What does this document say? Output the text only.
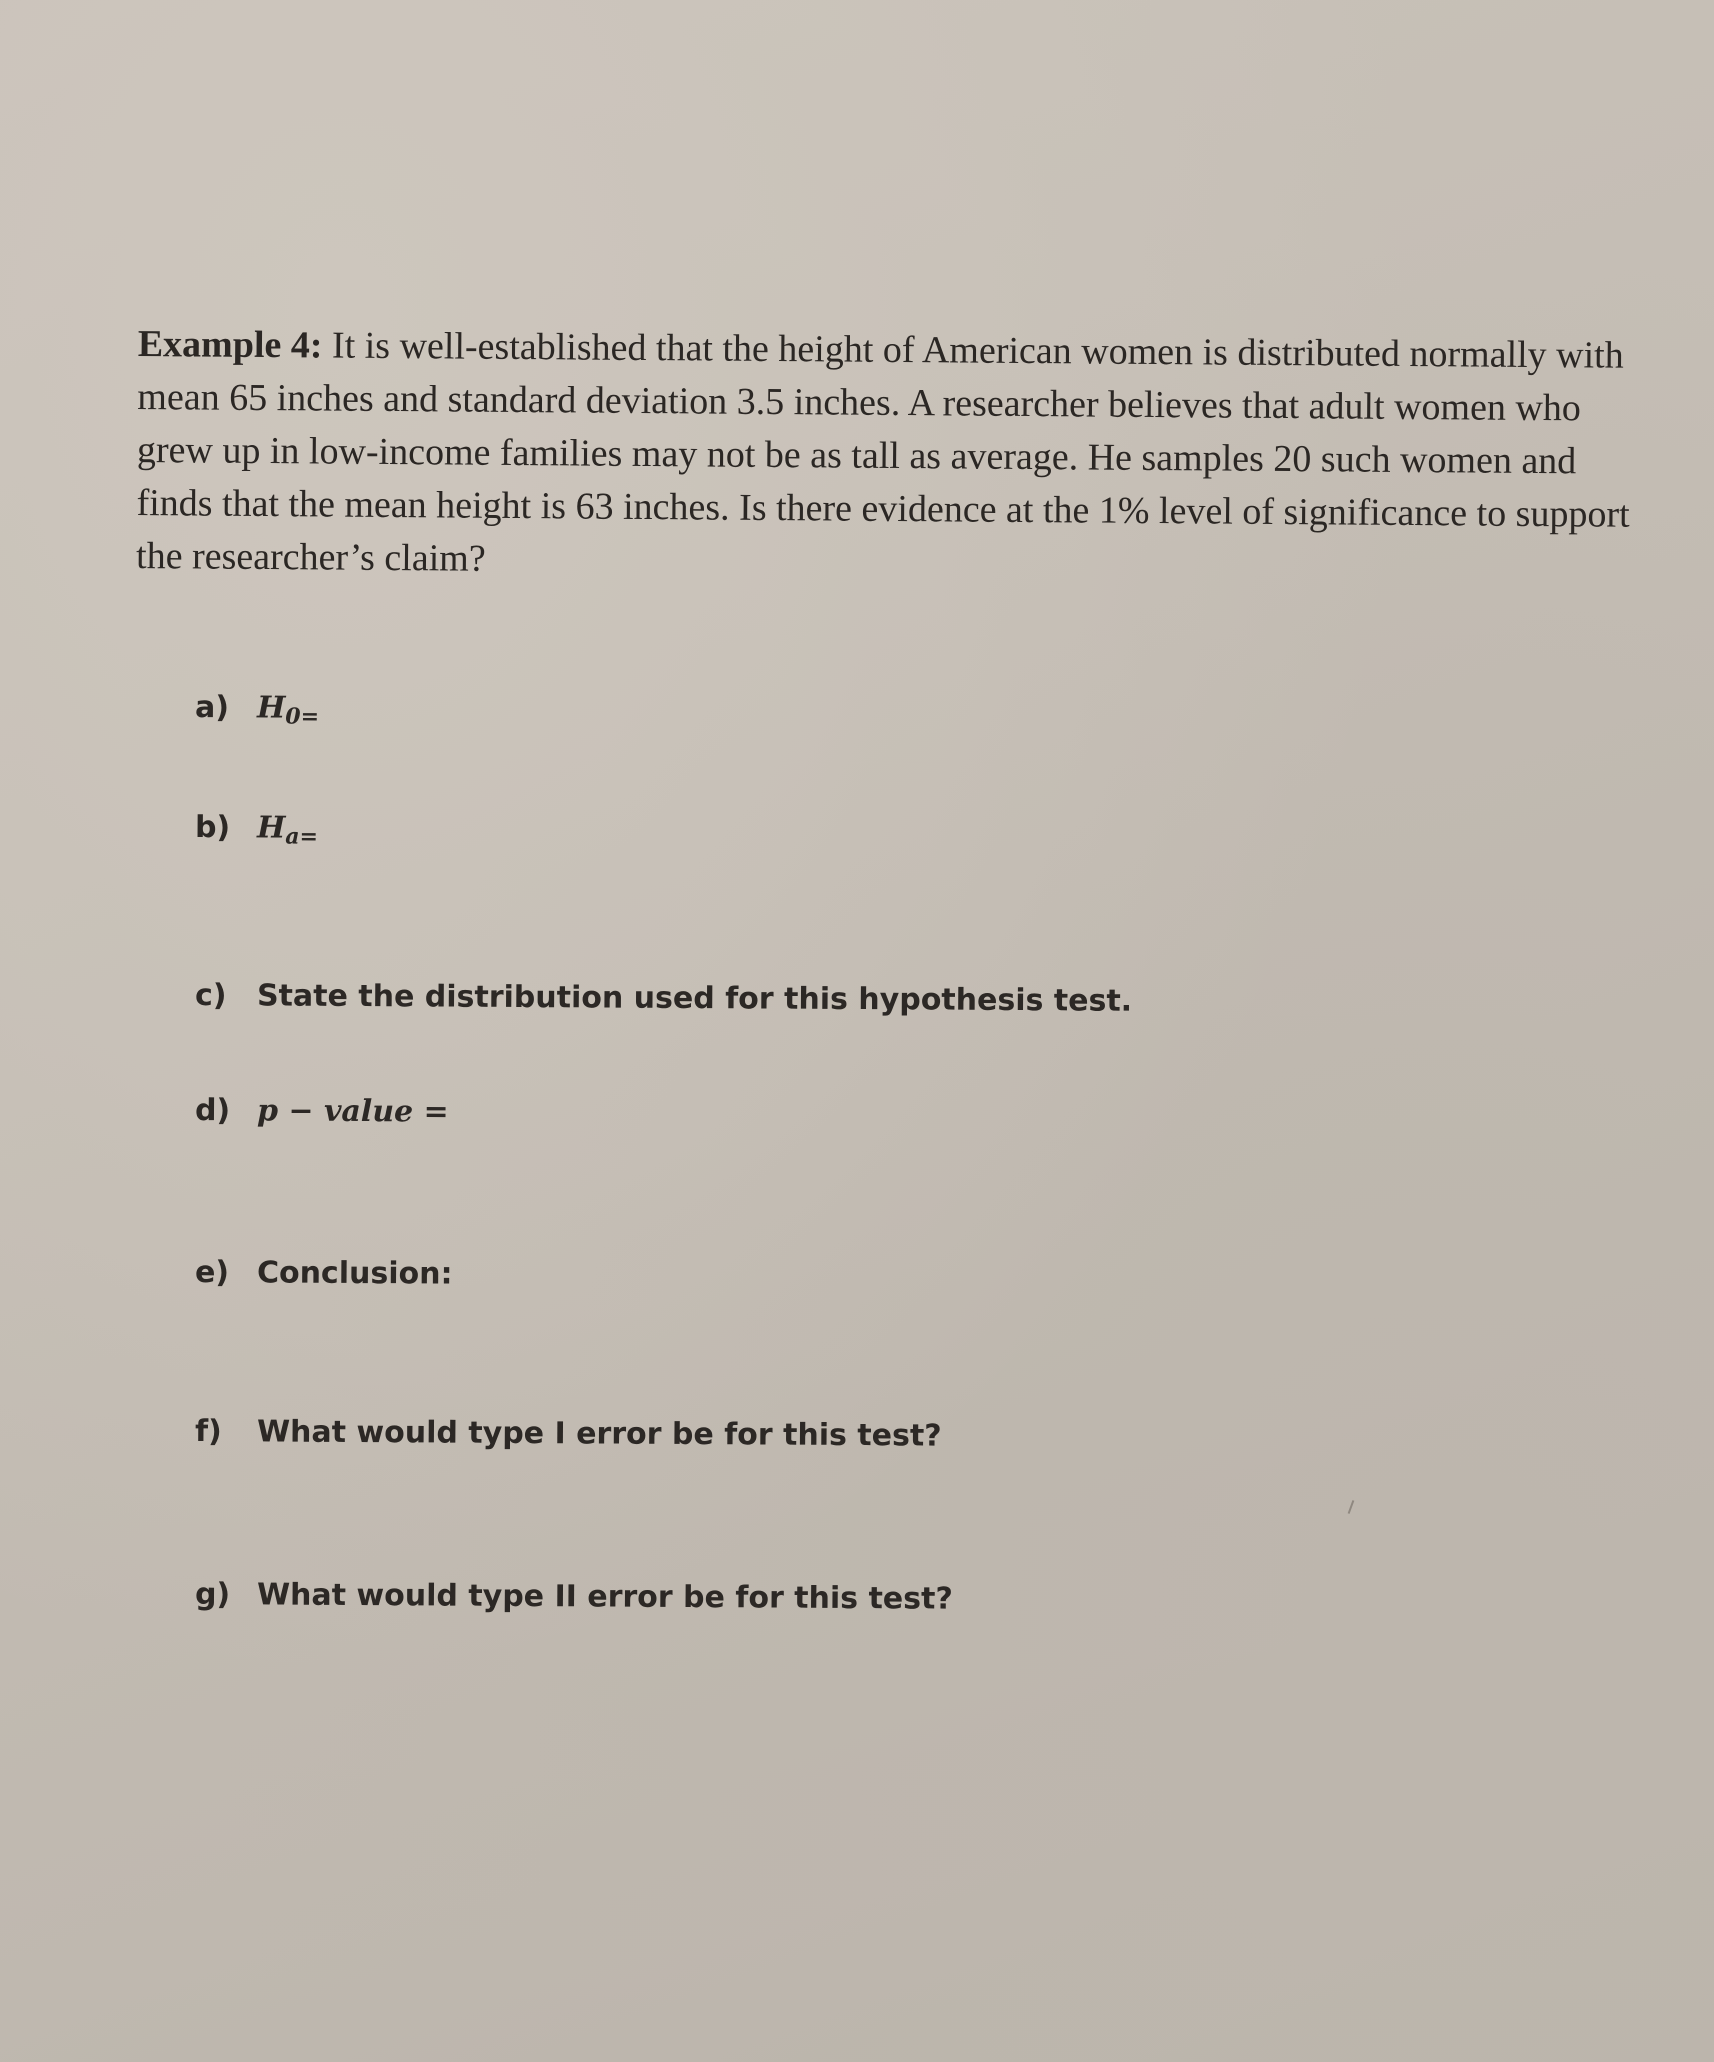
Example 4: It is well-established that the height of American women is distributed normally with mean 65 inches and standard deviation 3.5 inches. A researcher believes that adult women who grew up in low-income families may not be as tall as average. He samples 20 such women and finds that the mean height is 63 inches. Is there evidence at the 1% level of significance to support the researcher’s claim?
a) $H_{0=}$
b) $H_{a=}$
c) State the distribution used for this hypothesis test.
d) p − value =
e) Conclusion:
f) What would type I error be for this test?
g) What would type II error be for this test?
